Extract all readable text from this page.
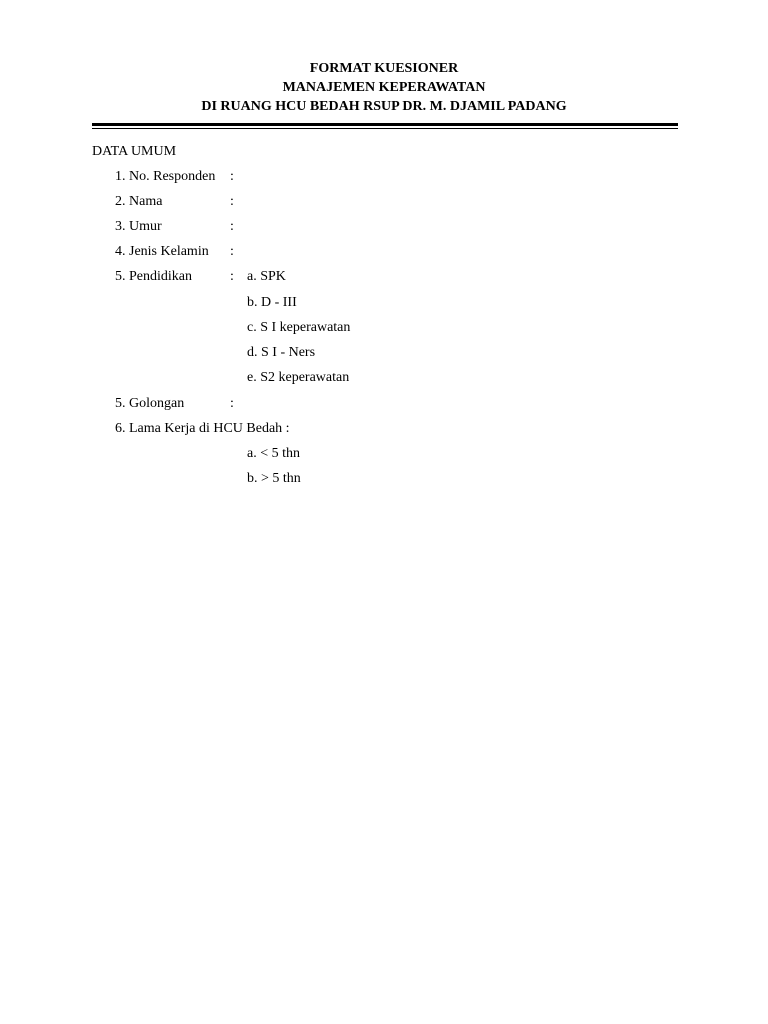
FORMAT KUESIONER
MANAJEMEN KEPERAWATAN
DI RUANG HCU BEDAH RSUP DR. M. DJAMIL PADANG
DATA UMUM
1. No. Responden :
2. Nama	:
3. Umur	:
4. Jenis Kelamin :
5. Pendidikan	: a. SPK
b. D - III
c. S I keperawatan
d. S I - Ners
e. S2 keperawatan
5. Golongan	:
6. Lama Kerja di HCU Bedah :
a. < 5 thn
b. > 5 thn
